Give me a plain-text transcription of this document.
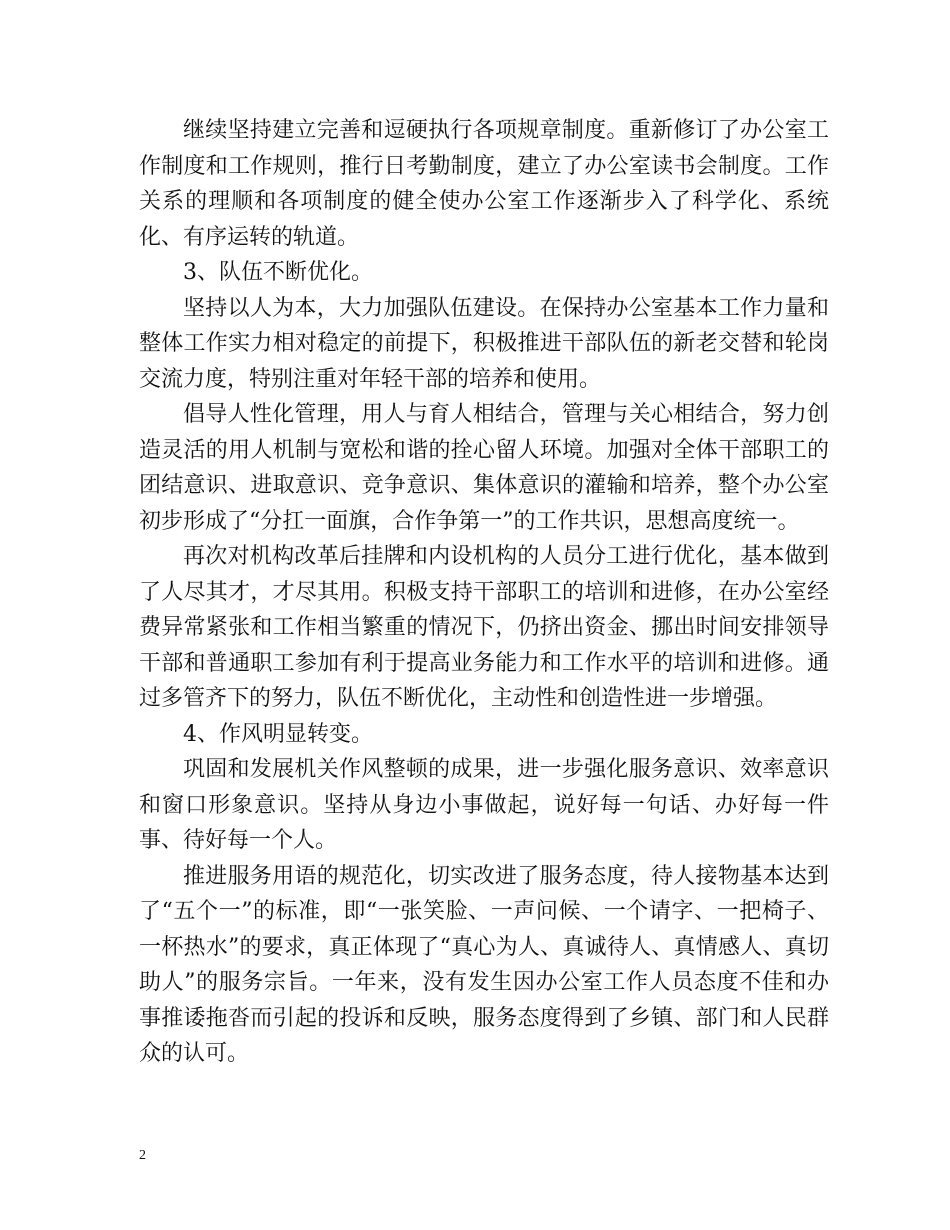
继续坚持建立完善和逗硬执行各项规章制度。重新修订了办公室工作制度和工作规则，推行日考勤制度，建立了办公室读书会制度。工作关系的理顺和各项制度的健全使办公室工作逐渐步入了科学化、系统化、有序运转的轨道。

3、队伍不断优化。

坚持以人为本，大力加强队伍建设。在保持办公室基本工作力量和整体工作实力相对稳定的前提下，积极推进干部队伍的新老交替和轮岗交流力度，特别注重对年轻干部的培养和使用。

倡导人性化管理，用人与育人相结合，管理与关心相结合，努力创造灵活的用人机制与宽松和谐的拴心留人环境。加强对全体干部职工的团结意识、进取意识、竞争意识、集体意识的灌输和培养，整个办公室初步形成了“分扛一面旗，合作争第一”的工作共识，思想高度统一。

再次对机构改革后挂牌和内设机构的人员分工进行优化，基本做到了人尽其才，才尽其用。积极支持干部职工的培训和进修，在办公室经费异常紧张和工作相当繁重的情况下，仍挤出资金、挪出时间安排领导干部和普通职工参加有利于提高业务能力和工作水平的培训和进修。通过多管齐下的努力，队伍不断优化，主动性和创造性进一步增强。

4、作风明显转变。

巩固和发展机关作风整顿的成果，进一步强化服务意识、效率意识和窗口形象意识。坚持从身边小事做起，说好每一句话、办好每一件事、待好每一个人。

推进服务用语的规范化，切实改进了服务态度，待人接物基本达到了“五个一”的标准，即“一张笑脸、一声问候、一个请字、一把椅子、一杯热水”的要求，真正体现了“真心为人、真诚待人、真情感人、真切助人”的服务宗旨。一年来，没有发生因办公室工作人员态度不佳和办事推诿拖沓而引起的投诉和反映，服务态度得到了乡镇、部门和人民群众的认可。

2
